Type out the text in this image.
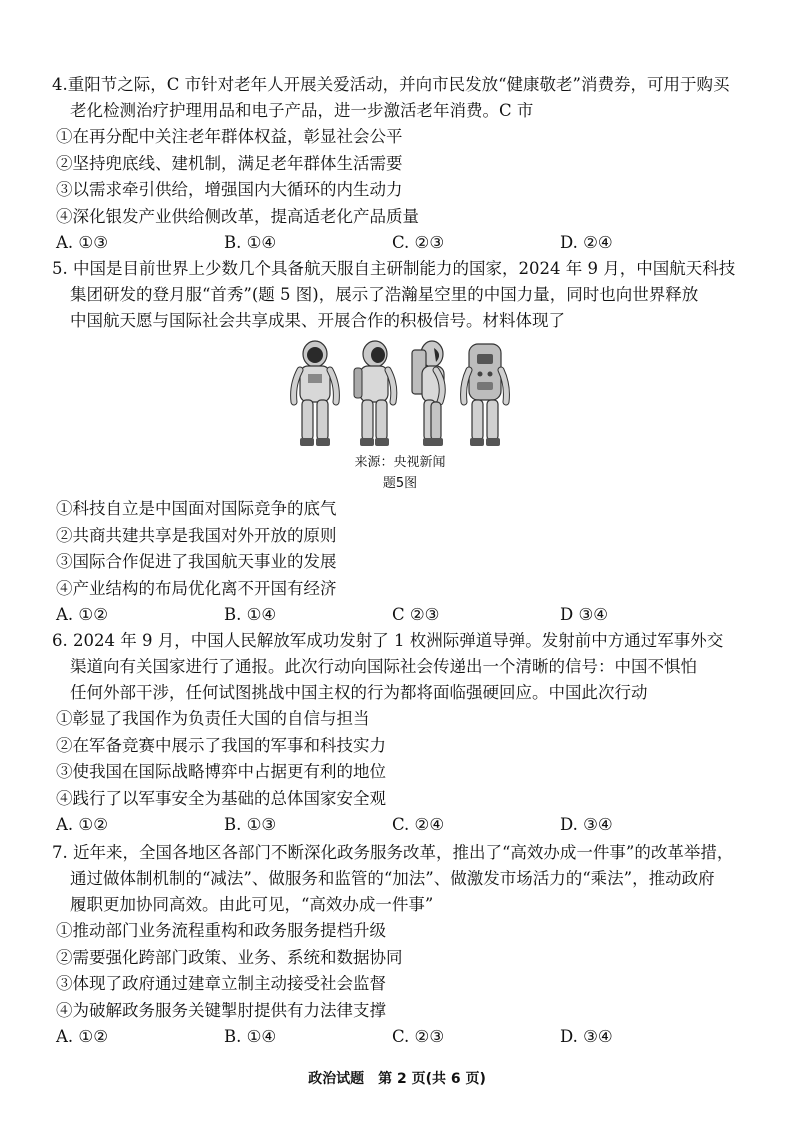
4.重阳节之际，C 市针对老年人开展关爱活动，并向市民发放“健康敬老”消费券，可用于购买

老化检测治疗护理用品和电子产品，进一步激活老年消费。C 市

①在再分配中关注老年群体权益，彰显社会公平

②坚持兜底线、建机制，满足老年群体生活需要

③以需求牵引供给，增强国内大循环的内生动力

④深化银发产业供给侧改革，提高适老化产品质量

A. ①③	B. ①④	C. ②③	D. ②④

5. 中国是目前世界上少数几个具备航天服自主研制能力的国家，2024 年 9 月，中国航天科技

集团研发的登月服“首秀”(题 5 图)，展示了浩瀚星空里的中国力量，同时也向世界释放

中国航天愿与国际社会共享成果、开展合作的积极信号。材料体现了

来源：央视新闻
题5图

①科技自立是中国面对国际竞争的底气

②共商共建共享是我国对外开放的原则

③国际合作促进了我国航天事业的发展

④产业结构的布局优化离不开国有经济

A. ①②	B. ①④	C ②③	D ③④

6. 2024 年 9 月，中国人民解放军成功发射了 1 枚洲际弹道导弹。发射前中方通过军事外交

渠道向有关国家进行了通报。此次行动向国际社会传递出一个清晰的信号：中国不惧怕

任何外部干涉，任何试图挑战中国主权的行为都将面临强硬回应。中国此次行动

①彰显了我国作为负责任大国的自信与担当

②在军备竞赛中展示了我国的军事和科技实力

③使我国在国际战略博弈中占据更有利的地位

④践行了以军事安全为基础的总体国家安全观

A. ①②	B. ①③	C. ②④	D. ③④

7. 近年来，全国各地区各部门不断深化政务服务改革，推出了“高效办成一件事”的改革举措，

通过做体制机制的“减法”、做服务和监管的“加法”、做激发市场活力的“乘法”，推动政府

履职更加协同高效。由此可见，“高效办成一件事”

①推动部门业务流程重构和政务服务提档升级

②需要强化跨部门政策、业务、系统和数据协同

③体现了政府通过建章立制主动接受社会监督

④为破解政务服务关键掣肘提供有力法律支撑

A. ①②	B. ①④	C. ②③	D. ③④
政治试题　第 2 页(共 6 页)
